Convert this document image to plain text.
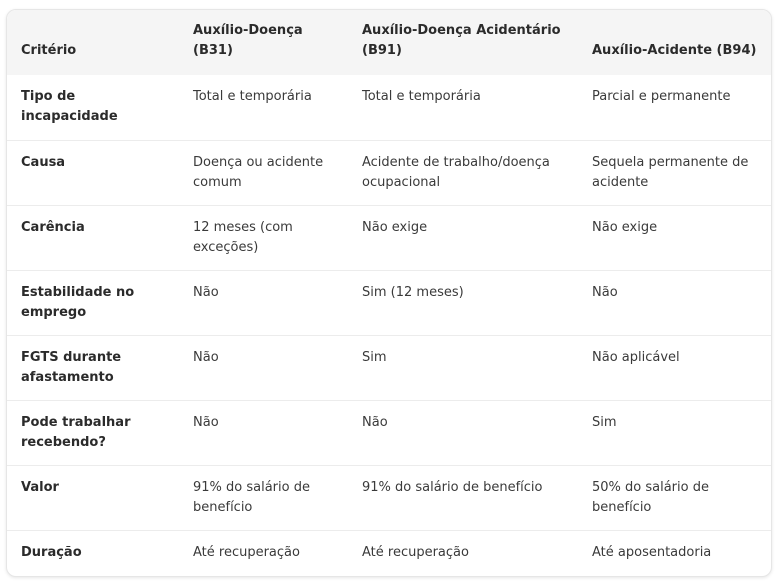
Critério	Auxílio-Doença (B31)	Auxílio-Doença Acidentário (B91)	Auxílio-Acidente (B94)
Tipo de incapacidade	Total e temporária	Total e temporária	Parcial e permanente
Causa	Doença ou acidente comum	Acidente de trabalho/doença ocupacional	Sequela permanente de acidente
Carência	12 meses (com exceções)	Não exige	Não exige
Estabilidade no emprego	Não	Sim (12 meses)	Não
FGTS durante afastamento	Não	Sim	Não aplicável
Pode trabalhar recebendo?	Não	Não	Sim
Valor	91% do salário de benefício	91% do salário de benefício	50% do salário de benefício
Duração	Até recuperação	Até recuperação	Até aposentadoria
